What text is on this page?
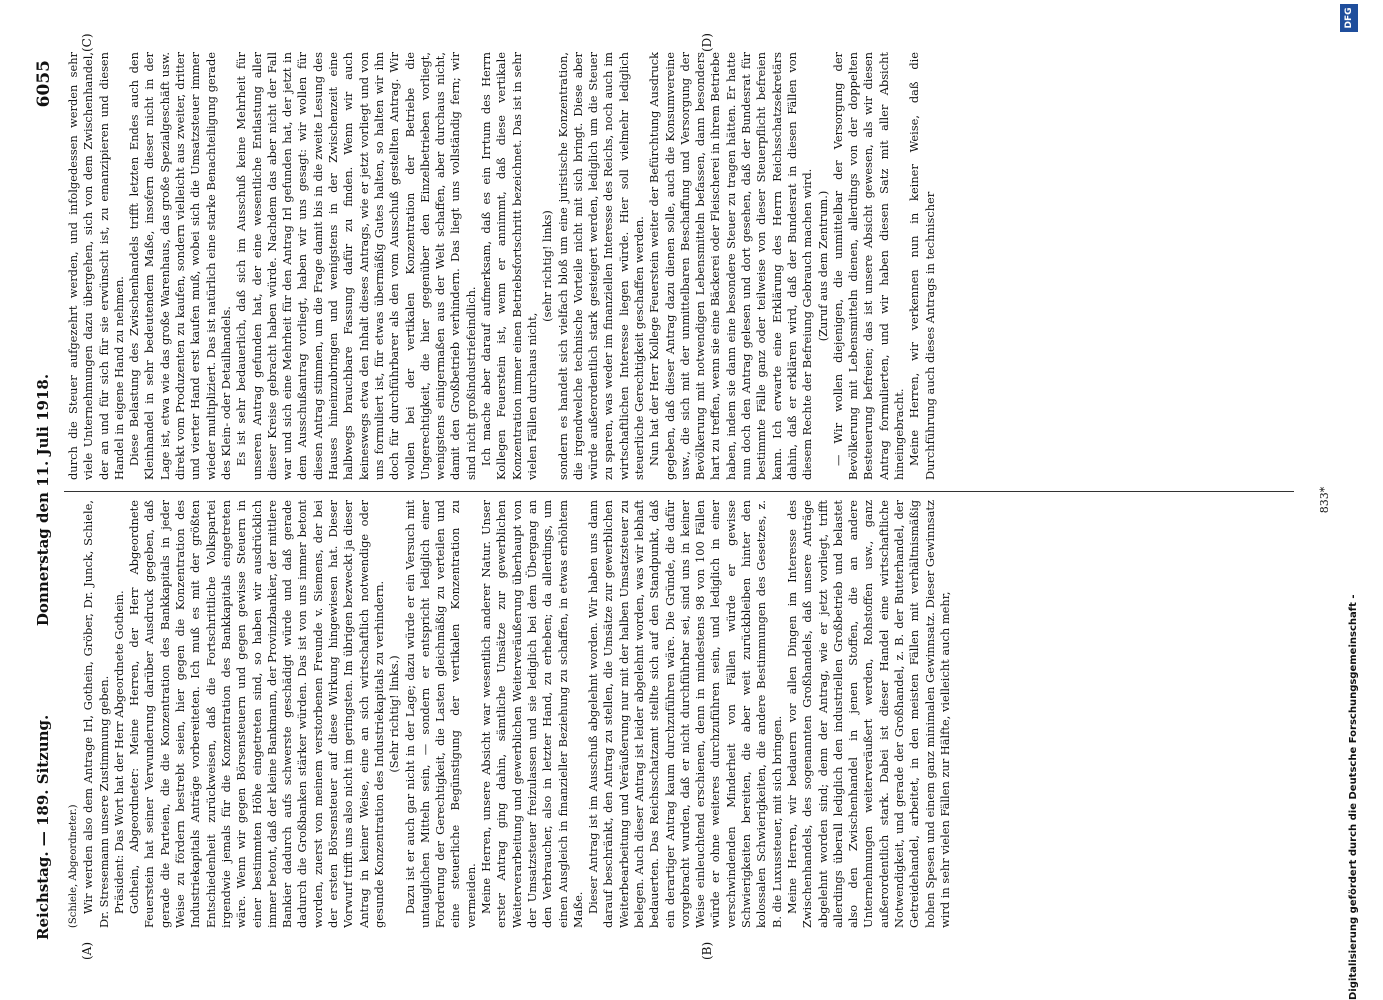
Reichstag. — 189. Sitzung.
Donnerstag den 11. Juli 1918.
6055
(A)	(B)
(C)	(D)

(Schiele, Abgeordneter.) Wir werden also dem Antrage Irl, Gothein, Gröber, Dr. Junck, Schiele, Dr. Stresemann unsere Zustimmung geben. Präsident: Das Wort hat der Herr Abgeordnete Gothein. Gothein, Abgeordneter: Meine Herren, der Herr Abgeordnete Feuerstein hat seiner Verwunderung darüber Ausdruck gegeben, daß gerade die Parteien, die die Konzentration des Bankkapitals in jeder Weise zu fördern bestrebt seien, hier gegen die Konzentration des Industriekapitals Anträge vorbereiteten. Ich muß es mit der größten Entschiedenheit zurückweisen, daß die Fortschrittliche Volkspartei irgendwie jemals für die Konzentration des Bankkapitals eingetreten wäre. Wenn wir gegen Börsensteuern und gegen gewisse Steuern in einer bestimmten Höhe eingetreten sind, so haben wir ausdrücklich immer betont, daß der kleine Bankmann, der Provinzbankier, der mittlere Bankier dadurch aufs schwerste geschädigt würde und daß gerade dadurch die Großbanken stärker würden. Das ist von uns immer betont worden, zuerst von meinem verstorbenen Freunde v. Siemens, der bei der ersten Börsensteuer auf diese Wirkung hingewiesen hat. Dieser Vorwurf trifft uns also nicht im geringsten. Im übrigen bezweckt ja dieser Antrag in keiner Weise, eine an sich wirtschaftlich notwendige oder gesunde Konzentration des Industriekapitals zu verhindern. (Sehr richtig! links.) Dazu ist er auch gar nicht in der Lage; dazu würde er ein Versuch mit untauglichen Mitteln sein, — sondern er entspricht lediglich einer Forderung der Gerechtigkeit, die Lasten gleichmäßig zu verteilen und eine steuerliche Begünstigung der vertikalen Konzentration zu vermeiden. Meine Herren, unsere Absicht war wesentlich anderer Natur. Unser erster Antrag ging dahin, sämtliche Umsätze zur gewerblichen Weiterverarbeitung und gewerblichen Weiterveräußerung überhaupt von der Umsatzsteuer freizulassen und sie lediglich bei dem Übergang an den Verbraucher, also in letzter Hand, zu erheben; da allerdings, um einen Ausgleich in finanzieller Beziehung zu schaffen, in etwas erhöhtem Maße. Dieser Antrag ist im Ausschuß abgelehnt worden. Wir haben uns dann darauf beschränkt, den Antrag zu stellen, die Umsätze zur gewerblichen Weiterbearbeitung und Veräußerung nur mit der halben Umsatzsteuer zu belegen. Auch dieser Antrag ist leider abgelehnt worden, was wir lebhaft bedauerten. Das Reichsschatzamt stellte sich auf den Standpunkt, daß ein derartiger Antrag kaum durchzuführen wäre. Die Gründe, die dafür vorgebracht wurden, daß er nicht durchführbar sei, sind uns in keiner Weise einleuchtend erschienen, denn in mindestens 98 von 100 Fällen würde er ohne weiteres durchzuführen sein, und lediglich in einer verschwindenden Minderheit von Fällen würde er gewisse Schwierigkeiten bereiten, die aber weit zurückbleiben hinter den kolossalen Schwierigkeiten, die andere Bestimmungen des Gesetzes, z. B. die Luxussteuer, mit sich bringen. Meine Herren, wir bedauern vor allen Dingen im Interesse des Zwischenhandels, des sogenannten Großhandels, daß unsere Anträge abgelehnt worden sind; denn der Antrag, wie er jetzt vorliegt, trifft allerdings überall lediglich den industriellen Großbetrieb und belastet also den Zwischenhandel in jenen Stoffen, die an andere Unternehmungen weiterveräußert werden, Rohstoffen usw., ganz außerordentlich stark. Dabei ist dieser Handel eine wirtschaftliche Notwendigkeit, und gerade der Großhandel, z. B. der Butterhandel, der Getreidehandel, arbeitet, in den meisten Fällen mit verhältnismäßig hohen Spesen und einem ganz minimalen Gewinnsatz. Dieser Gewinnsatz wird in sehr vielen Fällen zur Hälfte, vielleicht auch mehr,

durch die Steuer aufgezehrt werden, und infolgedessen werden sehr viele Unternehmungen dazu übergehen, sich von dem Zwischenhandel, der an und für sich für sie erwünscht ist, zu emanzipieren und diesen Handel in eigene Hand zu nehmen. Diese Belastung des Zwischenhandels trifft letzten Endes auch den Kleinhandel in sehr bedeutendem Maße, insofern dieser nicht in der Lage ist, etwa wie das große Warenhaus, das große Spezialgeschäft usw. direkt vom Produzenten zu kaufen, sondern vielleicht aus zweiter, dritter und vierter Hand erst kaufen muß, wobei sich die Umsatzsteuer immer wieder multipliziert. Das ist natürlich eine starke Benachteiligung gerade des Klein- oder Detailhandels. Es ist sehr bedauerlich, daß sich im Ausschuß keine Mehrheit für unseren Antrag gefunden hat, der eine wesentliche Entlastung aller dieser Kreise gebracht haben würde. Nachdem das aber nicht der Fall war und sich eine Mehrheit für den Antrag Irl gefunden hat, der jetzt in dem Ausschußantrag vorliegt, haben wir uns gesagt: wir wollen für diesen Antrag stimmen, um die Frage damit bis in die zweite Lesung des Hauses hineinzubringen und wenigstens in der Zwischenzeit eine halbwegs brauchbare Fassung dafür zu finden. Wenn wir auch keineswegs etwa den Inhalt dieses Antrags, wie er jetzt vorliegt und von uns formuliert ist, für etwas übermäßig Gutes halten, so halten wir ihn doch für durchführbarer als den vom Ausschuß gestellten Antrag. Wir wollen bei der vertikalen Konzentration der Betriebe die Ungerechtigkeit, die hier gegenüber den Einzelbetrieben vorliegt, wenigstens einigermaßen aus der Welt schaffen, aber durchaus nicht, damit den Großbetrieb verhindern. Das liegt uns vollständig fern; wir sind nicht großindustriefeindlich. Ich mache aber darauf aufmerksam, daß es ein Irrtum des Herrn Kollegen Feuerstein ist, wenn er annimmt, daß diese vertikale Konzentration immer einen Betriebsfortschritt bezeichnet. Das ist in sehr vielen Fällen durchaus nicht,

(sehr richtig! links) sondern es handelt sich vielfach bloß um eine juristische Konzentration, die irgendwelche technische Vorteile nicht mit sich bringt. Diese aber würde außerordentlich stark gesteigert werden, lediglich um die Steuer zu sparen, was weder im finanziellen Interesse des Reichs, noch auch im wirtschaftlichen Interesse liegen würde. Hier soll vielmehr lediglich steuerliche Gerechtigkeit geschaffen werden. Nun hat der Herr Kollege Feuerstein weiter der Befürchtung Ausdruck gegeben, daß dieser Antrag dazu dienen solle, auch die Konsumvereine usw., die sich mit der unmittelbaren Beschaffung und Versorgung der Bevölkerung mit notwendigen Lebensmitteln befassen, dann besonders hart zu treffen, wenn sie eine Bäckerei oder Fleischerei in ihrem Betriebe haben, indem sie dann eine besondere Steuer zu tragen hätten. Er hatte nun doch den Antrag gelesen und dort gesehen, daß der Bundesrat für bestimmte Fälle ganz oder teilweise von dieser Steuerpflicht befreien kann. Ich erwarte eine Erklärung des Herrn Reichsschatzsekretärs dahin, daß er erklären wird, daß der Bundesrat in diesen Fällen von diesem Rechte der Befreiung Gebrauch machen wird. (Zuruf aus dem Zentrum.) — Wir wollen diejenigen, die unmittelbar der Versorgung der Bevölkerung mit Lebensmitteln dienen, allerdings von der doppelten Besteuerung befreien; das ist unsere Absicht gewesen, als wir diesen Antrag formulierten, und wir haben diesen Satz mit aller Absicht hineingebracht. Meine Herren, wir verkennen nun in keiner Weise, daß die Durchführung auch dieses Antrags in technischer

833*
Digitalisierung gefördert durch die Deutsche Forschungsgemeinschaft -
DFG
